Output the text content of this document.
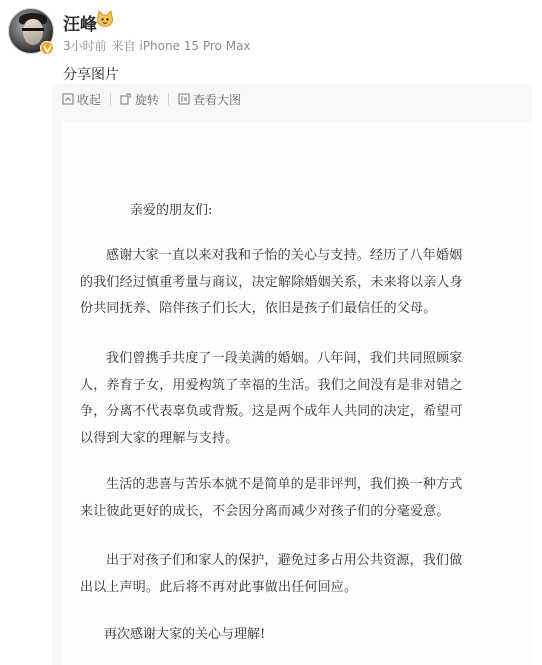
汪峰
3小时前 来自 iPhone 15 Pro Max
分享图片
收起	旋转	查看大图
亲爱的朋友们:
感谢大家一直以来对我和子怡的关心与支持。经历了八年婚姻
的我们经过慎重考量与商议，决定解除婚姻关系，未来将以亲人身
份共同抚养、陪伴孩子们长大，依旧是孩子们最信任的父母。
我们曾携手共度了一段美满的婚姻。八年间，我们共同照顾家
人，养育子女，用爱构筑了幸福的生活。我们之间没有是非对错之
争，分离不代表辜负或背叛。这是两个成年人共同的决定，希望可
以得到大家的理解与支持。
生活的悲喜与苦乐本就不是简单的是非评判，我们换一种方式
来让彼此更好的成长，不会因分离而减少对孩子们的分毫爱意。
出于对孩子们和家人的保护，避免过多占用公共资源，我们做
出以上声明。此后将不再对此事做出任何回应。
再次感谢大家的关心与理解!
